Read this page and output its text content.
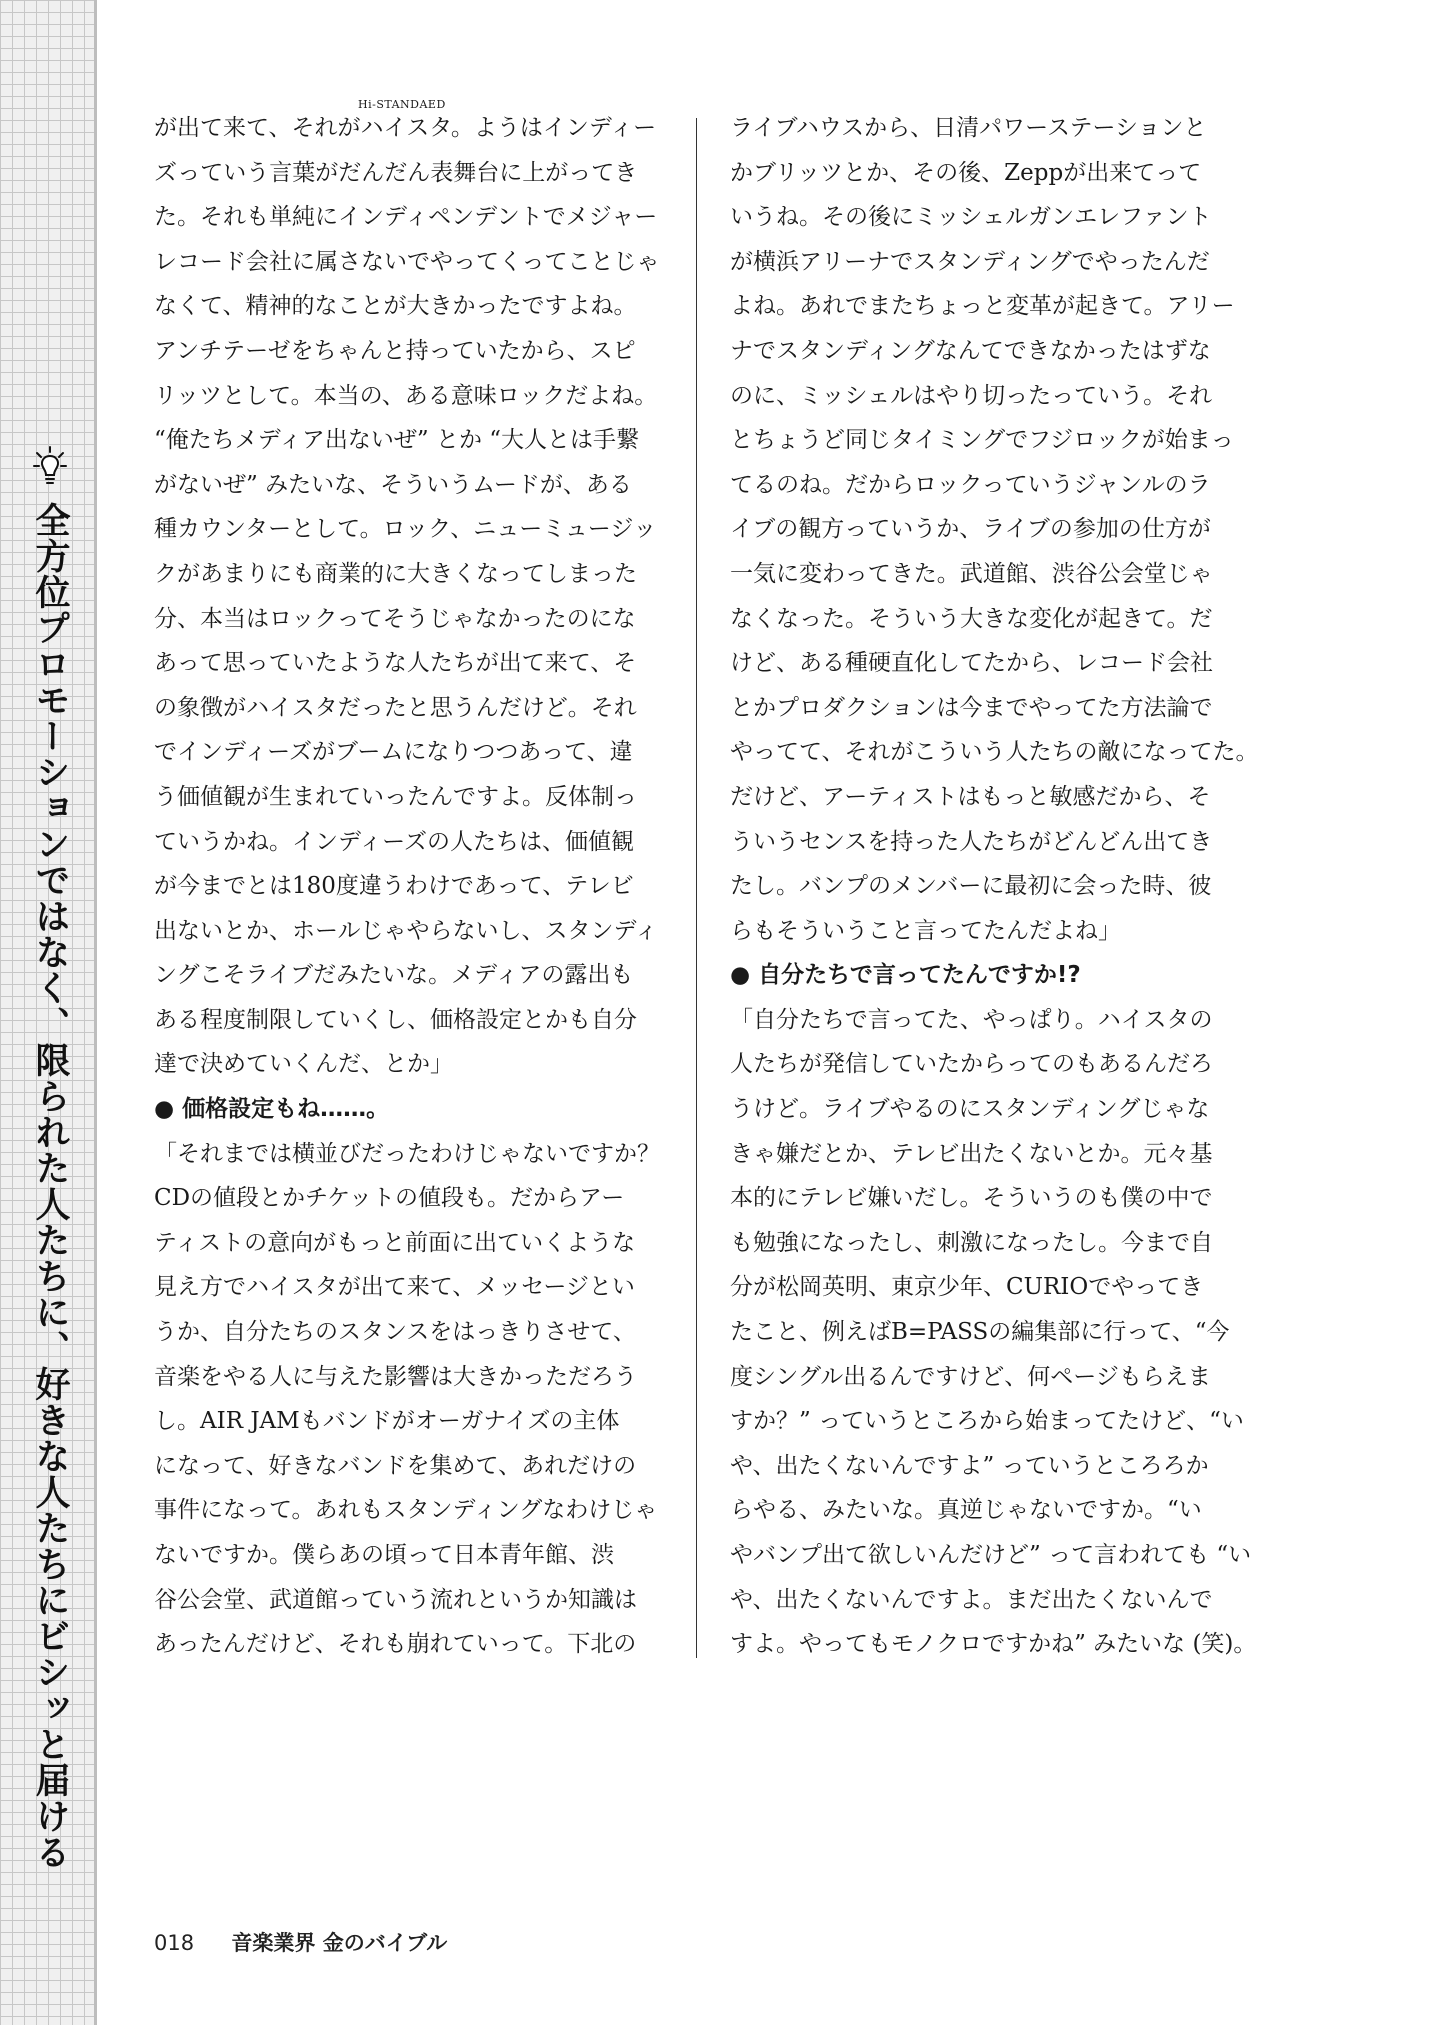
全方位プロモーションではなく、限られた人たちに、好きな人たちにビシッと届ける
Hi-STANDAED
が出て来て、それがハイスタ。ようはインディー
ズっていう言葉がだんだん表舞台に上がってき
た。それも単純にインディペンデントでメジャー
レコード会社に属さないでやってくってことじゃ
なくて、精神的なことが大きかったですよね。
アンチテーゼをちゃんと持っていたから、スピ
リッツとして。本当の、ある意味ロックだよね。
“俺たちメディア出ないぜ” とか “大人とは手繋
がないぜ” みたいな、そういうムードが、ある
種カウンターとして。ロック、ニューミュージッ
クがあまりにも商業的に大きくなってしまった
分、本当はロックってそうじゃなかったのにな
あって思っていたような人たちが出て来て、そ
の象徴がハイスタだったと思うんだけど。それ
でインディーズがブームになりつつあって、違
う価値観が生まれていったんですよ。反体制っ
ていうかね。インディーズの人たちは、価値観
が今までとは180度違うわけであって、テレビ
出ないとか、ホールじゃやらないし、スタンディ
ングこそライブだみたいな。メディアの露出も
ある程度制限していくし、価格設定とかも自分
達で決めていくんだ、とか」
● 価格設定もね……。
「それまでは横並びだったわけじゃないですか？
CDの値段とかチケットの値段も。だからアー
ティストの意向がもっと前面に出ていくような
見え方でハイスタが出て来て、メッセージとい
うか、自分たちのスタンスをはっきりさせて、
音楽をやる人に与えた影響は大きかっただろう
し。AIR JAMもバンドがオーガナイズの主体
になって、好きなバンドを集めて、あれだけの
事件になって。あれもスタンディングなわけじゃ
ないですか。僕らあの頃って日本青年館、渋
谷公会堂、武道館っていう流れというか知識は
あったんだけど、それも崩れていって。下北の
ライブハウスから、日清パワーステーションと
かブリッツとか、その後、Zeppが出来てって
いうね。その後にミッシェルガンエレファント
が横浜アリーナでスタンディングでやったんだ
よね。あれでまたちょっと変革が起きて。アリー
ナでスタンディングなんてできなかったはずな
のに、ミッシェルはやり切ったっていう。それ
とちょうど同じタイミングでフジロックが始まっ
てるのね。だからロックっていうジャンルのラ
イブの観方っていうか、ライブの参加の仕方が
一気に変わってきた。武道館、渋谷公会堂じゃ
なくなった。そういう大きな変化が起きて。だ
けど、ある種硬直化してたから、レコード会社
とかプロダクションは今までやってた方法論で
やってて、それがこういう人たちの敵になってた。
だけど、アーティストはもっと敏感だから、そ
ういうセンスを持った人たちがどんどん出てき
たし。バンプのメンバーに最初に会った時、彼
らもそういうこと言ってたんだよね」
● 自分たちで言ってたんですか!?
「自分たちで言ってた、やっぱり。ハイスタの
人たちが発信していたからってのもあるんだろ
うけど。ライブやるのにスタンディングじゃな
きゃ嫌だとか、テレビ出たくないとか。元々基
本的にテレビ嫌いだし。そういうのも僕の中で
も勉強になったし、刺激になったし。今まで自
分が松岡英明、東京少年、CURIOでやってき
たこと、例えばB=PASSの編集部に行って、“今
度シングル出るんですけど、何ページもらえま
すか？” っていうところから始まってたけど、“い
や、出たくないんですよ” っていうところろか
らやる、みたいな。真逆じゃないですか。“い
やバンプ出て欲しいんだけど” って言われても “い
や、出たくないんですよ。まだ出たくないんで
すよ。やってもモノクロですかね” みたいな (笑)。
018 音楽業界 金のバイブル
